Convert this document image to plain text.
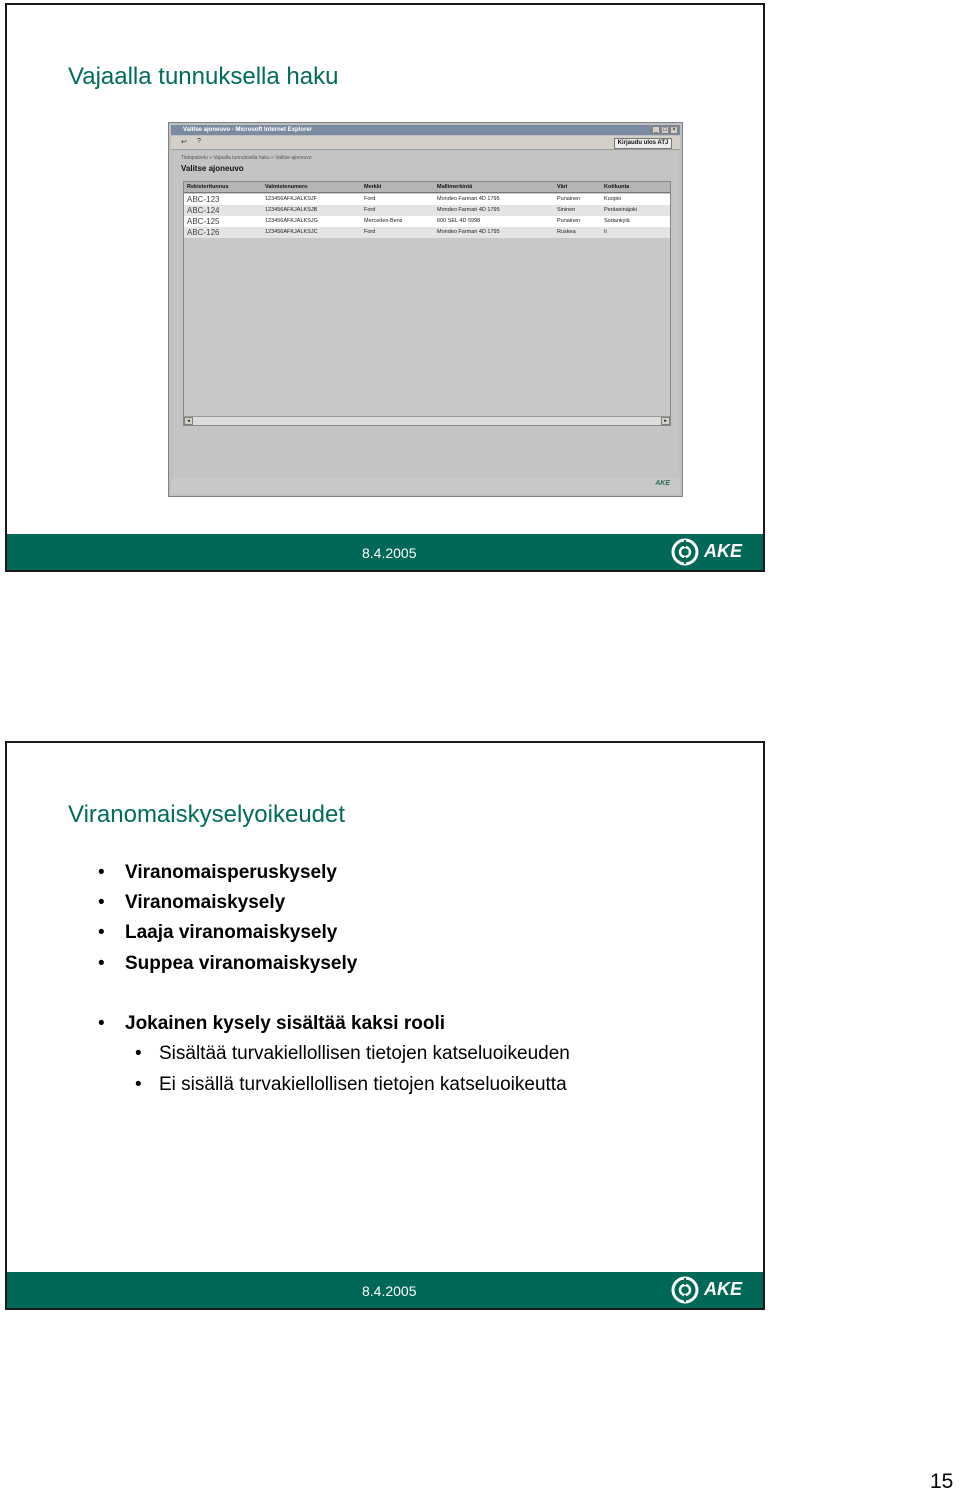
Vajaalla tunnuksella haku
Valitse ajoneuvo - Microsoft Internet Explorer	_ □ ×
↩ ?	Kirjaudu ulos ATJ
Tietopalvelu » Vajaalla tunnuksella haku » Valitse ajoneuvo
Valitse ajoneuvo
Rekisteritunnus	Valmistenumero	Merkki	Mallimerkintä	Väri	Kotikunta
ABC-123	123456AFKJALKSJF	Ford	Mondeo Farmari 4D 1795	Punainen	Kuopio
ABC-124	123456AFKJALKSJB	Ford	Mondeo Farmari 4D 1795	Sininen	Peräseinäjoki
ABC-125	123456AFKJALKSJG	Mercedes-Benz	600 SEL 4D 5998	Punainen	Sodankylä
ABC-126	123456AFKJALKSJC	Ford	Mondeo Farmari 4D 1795	Ruskea	Ii
◂	▸
AKE
8.4.2005	AKE
Viranomaiskyselyoikeudet
• Viranomaisperuskysely
• Viranomaiskysely
• Laaja viranomaiskysely
• Suppea viranomaiskysely
• Jokainen kysely sisältää kaksi rooli
• Sisältää turvakiellollisen tietojen katseluoikeuden
• Ei sisällä turvakiellollisen tietojen katseluoikeutta
8.4.2005	AKE
15
